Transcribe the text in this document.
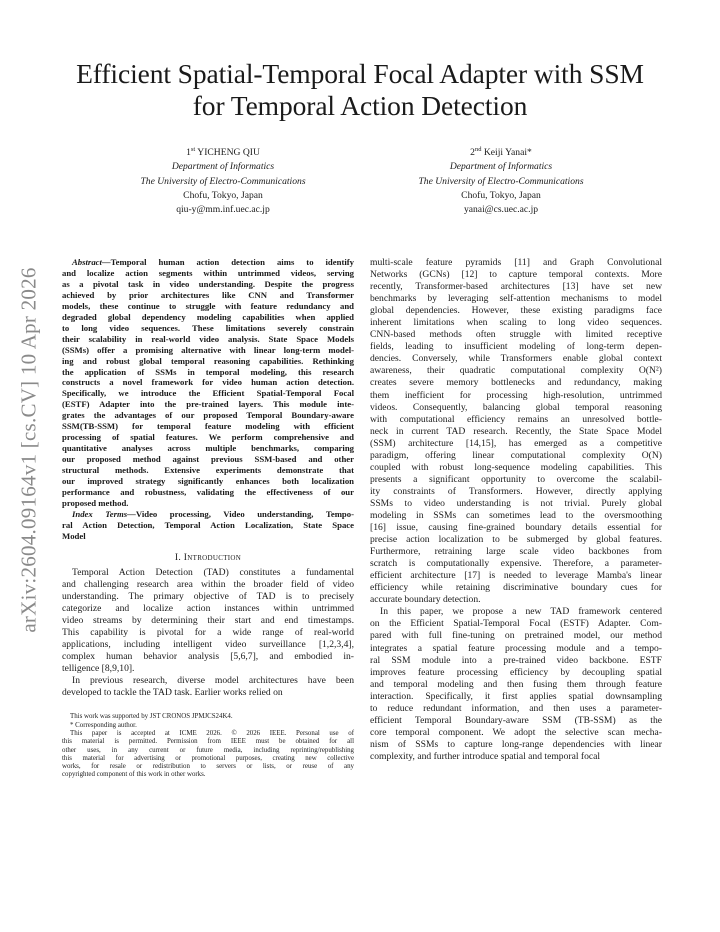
Efficient Spatial-Temporal Focal Adapter with SSM
for Temporal Action Detection
1st YICHENG QIU
Department of Informatics
The University of Electro-Communications
Chofu, Tokyo, Japan
qiu-y@mm.inf.uec.ac.jp
2nd Keiji Yanai*
Department of Informatics
The University of Electro-Communications
Chofu, Tokyo, Japan
yanai@cs.uec.ac.jp
arXiv:2604.09164v1 [cs.CV] 10 Apr 2026
Abstract—Temporal human action detection aims to identify
and localize action segments within untrimmed videos, serving
as a pivotal task in video understanding. Despite the progress
achieved by prior architectures like CNN and Transformer
models, these continue to struggle with feature redundancy and
degraded global dependency modeling capabilities when applied
to long video sequences. These limitations severely constrain
their scalability in real-world video analysis. State Space Models
(SSMs) offer a promising alternative with linear long-term model-
ing and robust global temporal reasoning capabilities. Rethinking
the application of SSMs in temporal modeling, this research
constructs a novel framework for video human action detection.
Specifically, we introduce the Efficient Spatial-Temporal Focal
(ESTF) Adapter into the pre-trained layers. This module inte-
grates the advantages of our proposed Temporal Boundary-aware
SSM(TB-SSM) for temporal feature modeling with efficient
processing of spatial features. We perform comprehensive and
quantitative analyses across multiple benchmarks, comparing
our proposed method against previous SSM-based and other
structural methods. Extensive experiments demonstrate that
our improved strategy significantly enhances both localization
performance and robustness, validating the effectiveness of our
proposed method.
Index Terms—Video processing, Video understanding, Tempo-
ral Action Detection, Temporal Action Localization, State Space
Model
I. Introduction
Temporal Action Detection (TAD) constitutes a fundamental
and challenging research area within the broader field of video
understanding. The primary objective of TAD is to precisely
categorize and localize action instances within untrimmed
video streams by determining their start and end timestamps.
This capability is pivotal for a wide range of real-world
applications, including intelligent video surveillance [1,2,3,4],
complex human behavior analysis [5,6,7], and embodied in-
telligence [8,9,10].
In previous research, diverse model architectures have been
developed to tackle the TAD task. Earlier works relied on
This work was supported by JST CRONOS JPMJCS24K4.
* Corresponding author.
This paper is accepted at ICME 2026. © 2026 IEEE. Personal use of
this material is permitted. Permission from IEEE must be obtained for all
other uses, in any current or future media, including reprinting/republishing
this material for advertising or promotional purposes, creating new collective
works, for resale or redistribution to servers or lists, or reuse of any
copyrighted component of this work in other works.
multi-scale feature pyramids [11] and Graph Convolutional
Networks (GCNs) [12] to capture temporal contexts. More
recently, Transformer-based architectures [13] have set new
benchmarks by leveraging self-attention mechanisms to model
global dependencies. However, these existing paradigms face
inherent limitations when scaling to long video sequences.
CNN-based methods often struggle with limited receptive
fields, leading to insufficient modeling of long-term depen-
dencies. Conversely, while Transformers enable global context
awareness, their quadratic computational complexity O(N²)
creates severe memory bottlenecks and redundancy, making
them inefficient for processing high-resolution, untrimmed
videos. Consequently, balancing global temporal reasoning
with computational efficiency remains an unresolved bottle-
neck in current TAD research. Recently, the State Space Model
(SSM) architecture [14,15], has emerged as a competitive
paradigm, offering linear computational complexity O(N)
coupled with robust long-sequence modeling capabilities. This
presents a significant opportunity to overcome the scalabil-
ity constraints of Transformers. However, directly applying
SSMs to video understanding is not trivial. Purely global
modeling in SSMs can sometimes lead to the oversmoothing
[16] issue, causing fine-grained boundary details essential for
precise action localization to be submerged by global features.
Furthermore, retraining large scale video backbones from
scratch is computationally expensive. Therefore, a parameter-
efficient architecture [17] is needed to leverage Mamba's linear
efficiency while retaining discriminative boundary cues for
accurate boundary detection.
In this paper, we propose a new TAD framework centered
on the Efficient Spatial-Temporal Focal (ESTF) Adapter. Com-
pared with full fine-tuning on pretrained model, our method
integrates a spatial feature processing module and a tempo-
ral SSM module into a pre-trained video backbone. ESTF
improves feature processing efficiency by decoupling spatial
and temporal modeling and then fusing them through feature
interaction. Specifically, it first applies spatial downsampling
to reduce redundant information, and then uses a parameter-
efficient Temporal Boundary-aware SSM (TB-SSM) as the
core temporal component. We adopt the selective scan mecha-
nism of SSMs to capture long-range dependencies with linear
complexity, and further introduce spatial and temporal focal
